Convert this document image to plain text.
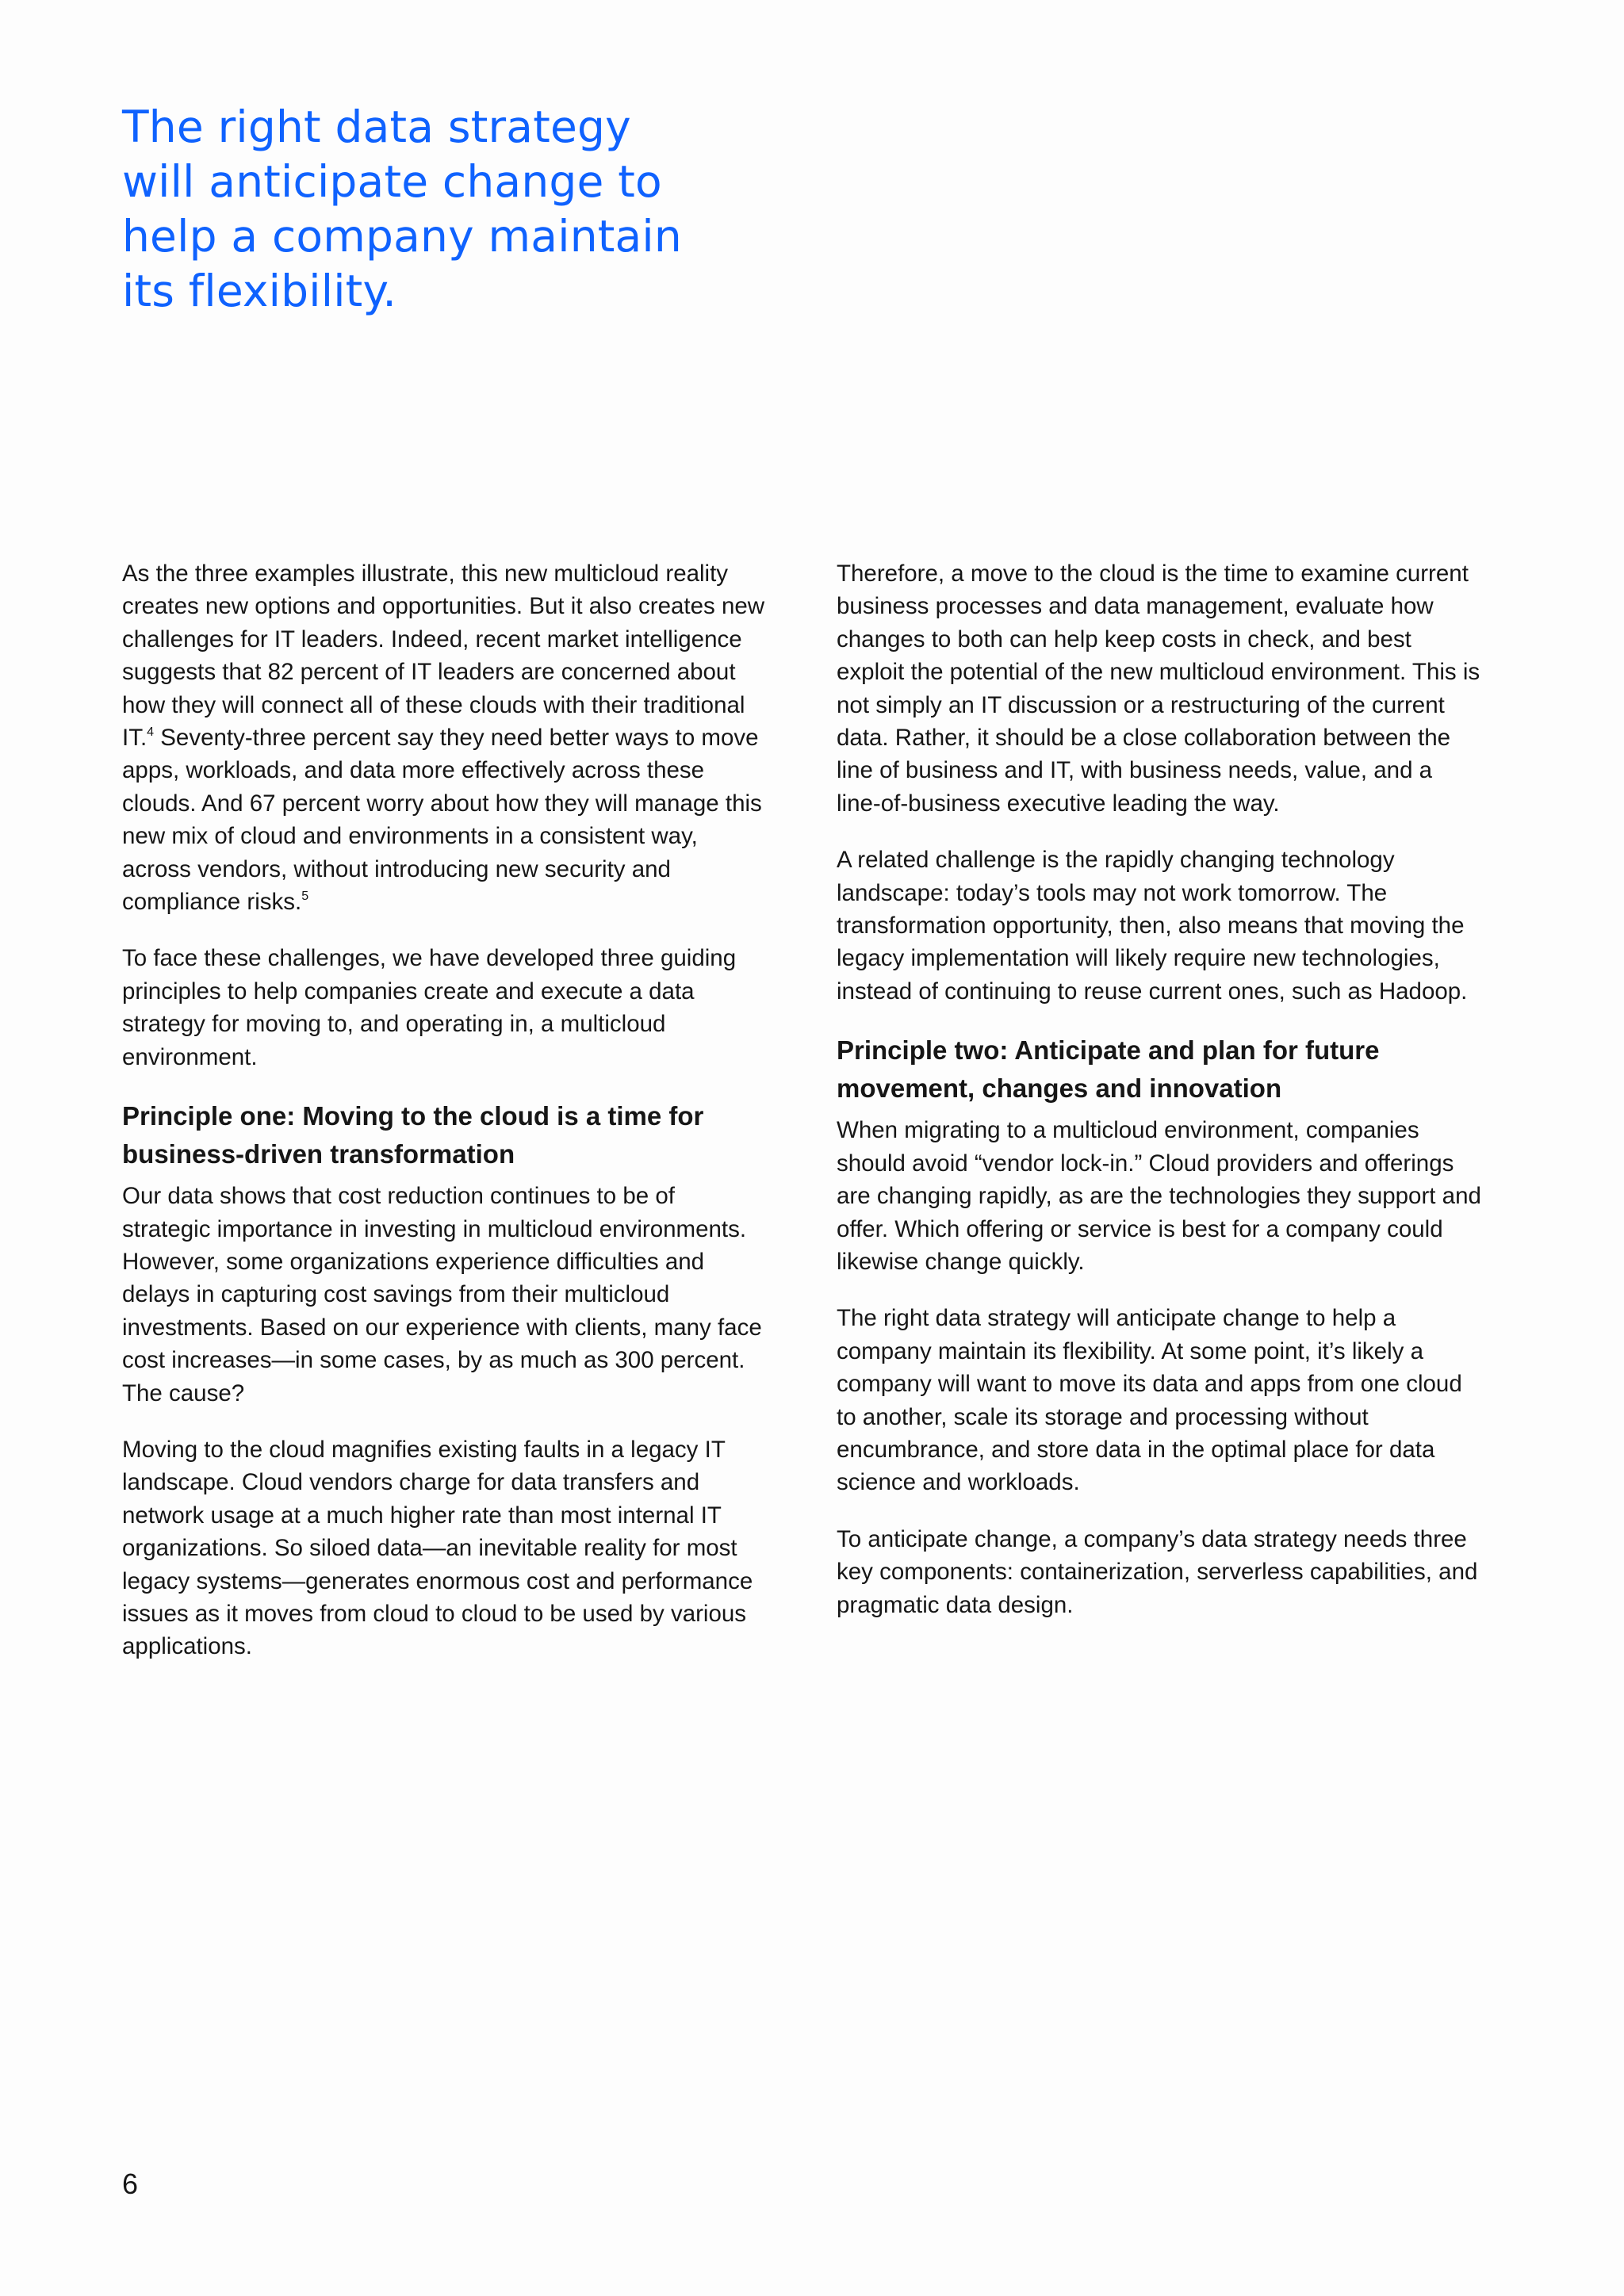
The right data strategy will anticipate change to help a company maintain its flexibility.

As the three examples illustrate, this new multicloud reality creates new options and opportunities. But it also creates new challenges for IT leaders. Indeed, recent market intelligence suggests that 82 percent of IT leaders are concerned about how they will connect all of these clouds with their traditional IT.$^4$ Seventy-three percent say they need better ways to move apps, workloads, and data more effectively across these clouds. And 67 percent worry about how they will manage this new mix of cloud and environments in a consistent way, across vendors, without introducing new security and compliance risks.$^5$

To face these challenges, we have developed three guiding principles to help companies create and execute a data strategy for moving to, and operating in, a multicloud environment.

Principle one: Moving to the cloud is a time for business-driven transformation

Our data shows that cost reduction continues to be of strategic importance in investing in multicloud environments. However, some organizations experience difficulties and delays in capturing cost savings from their multicloud investments. Based on our experience with clients, many face cost increases—in some cases, by as much as 300 percent. The cause?

Moving to the cloud magnifies existing faults in a legacy IT landscape. Cloud vendors charge for data transfers and network usage at a much higher rate than most internal IT organizations. So siloed data—an inevitable reality for most legacy systems—generates enormous cost and performance issues as it moves from cloud to cloud to be used by various applications.

Therefore, a move to the cloud is the time to examine current business processes and data management, evaluate how changes to both can help keep costs in check, and best exploit the potential of the new multicloud environment. This is not simply an IT discussion or a restructuring of the current data. Rather, it should be a close collaboration between the line of business and IT, with business needs, value, and a line-of-business executive leading the way.

A related challenge is the rapidly changing technology landscape: today’s tools may not work tomorrow. The transformation opportunity, then, also means that moving the legacy implementation will likely require new technologies, instead of continuing to reuse current ones, such as Hadoop.

Principle two: Anticipate and plan for future movement, changes and innovation

When migrating to a multicloud environment, companies should avoid “vendor lock-in.” Cloud providers and offerings are changing rapidly, as are the technologies they support and offer. Which offering or service is best for a company could likewise change quickly.

The right data strategy will anticipate change to help a company maintain its flexibility. At some point, it’s likely a company will want to move its data and apps from one cloud to another, scale its storage and processing without encumbrance, and store data in the optimal place for data science and workloads.

To anticipate change, a company’s data strategy needs three key components: containerization, serverless capabilities, and pragmatic data design.

6
